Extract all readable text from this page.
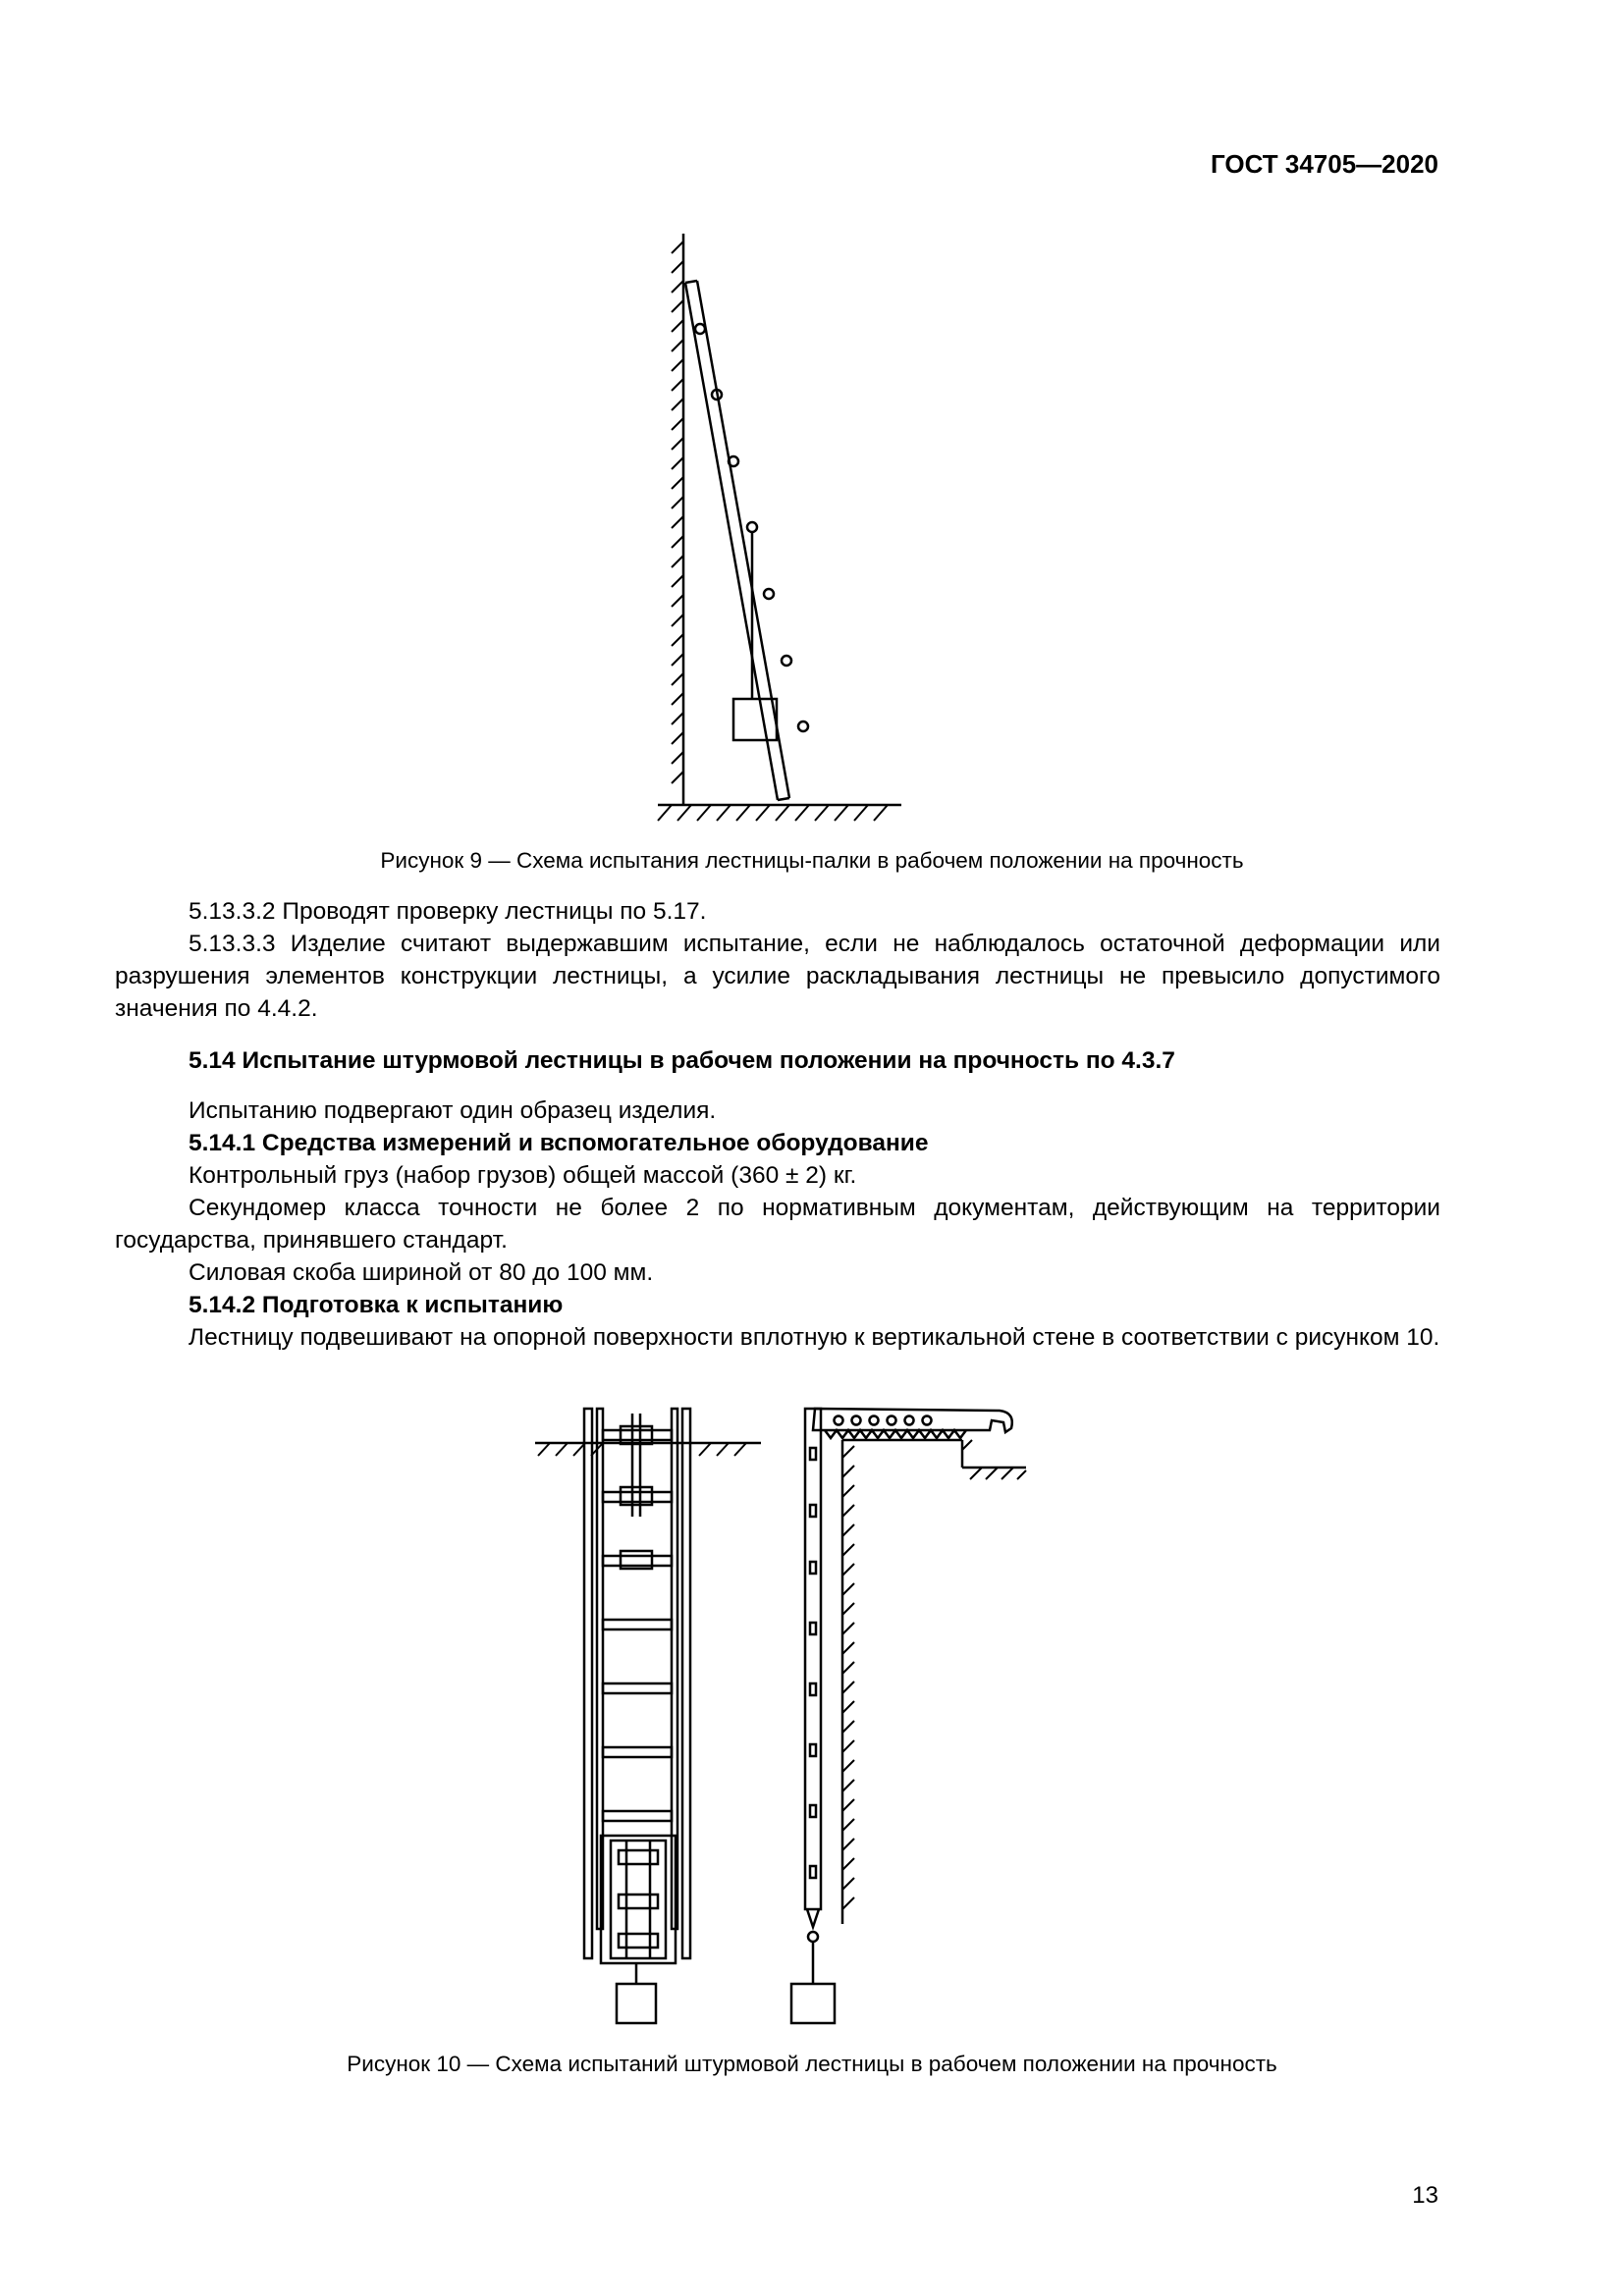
ГОСТ 34705—2020
Рисунок 9 — Схема испытания лестницы-палки в рабочем положении на прочность

5.13.3.2 Проводят проверку лестницы по 5.17.

5.13.3.3 Изделие считают выдержавшим испытание, если не наблюдалось остаточной деформации или разрушения элементов конструкции лестницы, а усилие раскладывания лестницы не превысило допустимого значения по 4.4.2.

5.14 Испытание штурмовой лестницы в рабочем положении на прочность по 4.3.7

Испытанию подвергают один образец изделия.

5.14.1 Средства измерений и вспомогательное оборудование

Контрольный груз (набор грузов) общей массой (360 ± 2) кг.

Секундомер класса точности не более 2 по нормативным документам, действующим на территории государства, принявшего стандарт.

Силовая скоба шириной от 80 до 100 мм.

5.14.2 Подготовка к испытанию

Лестницу подвешивают на опорной поверхности вплотную к вертикальной стене в соответствии с рисунком 10.

Рисунок 10 — Схема испытаний штурмовой лестницы в рабочем положении на прочность
13
